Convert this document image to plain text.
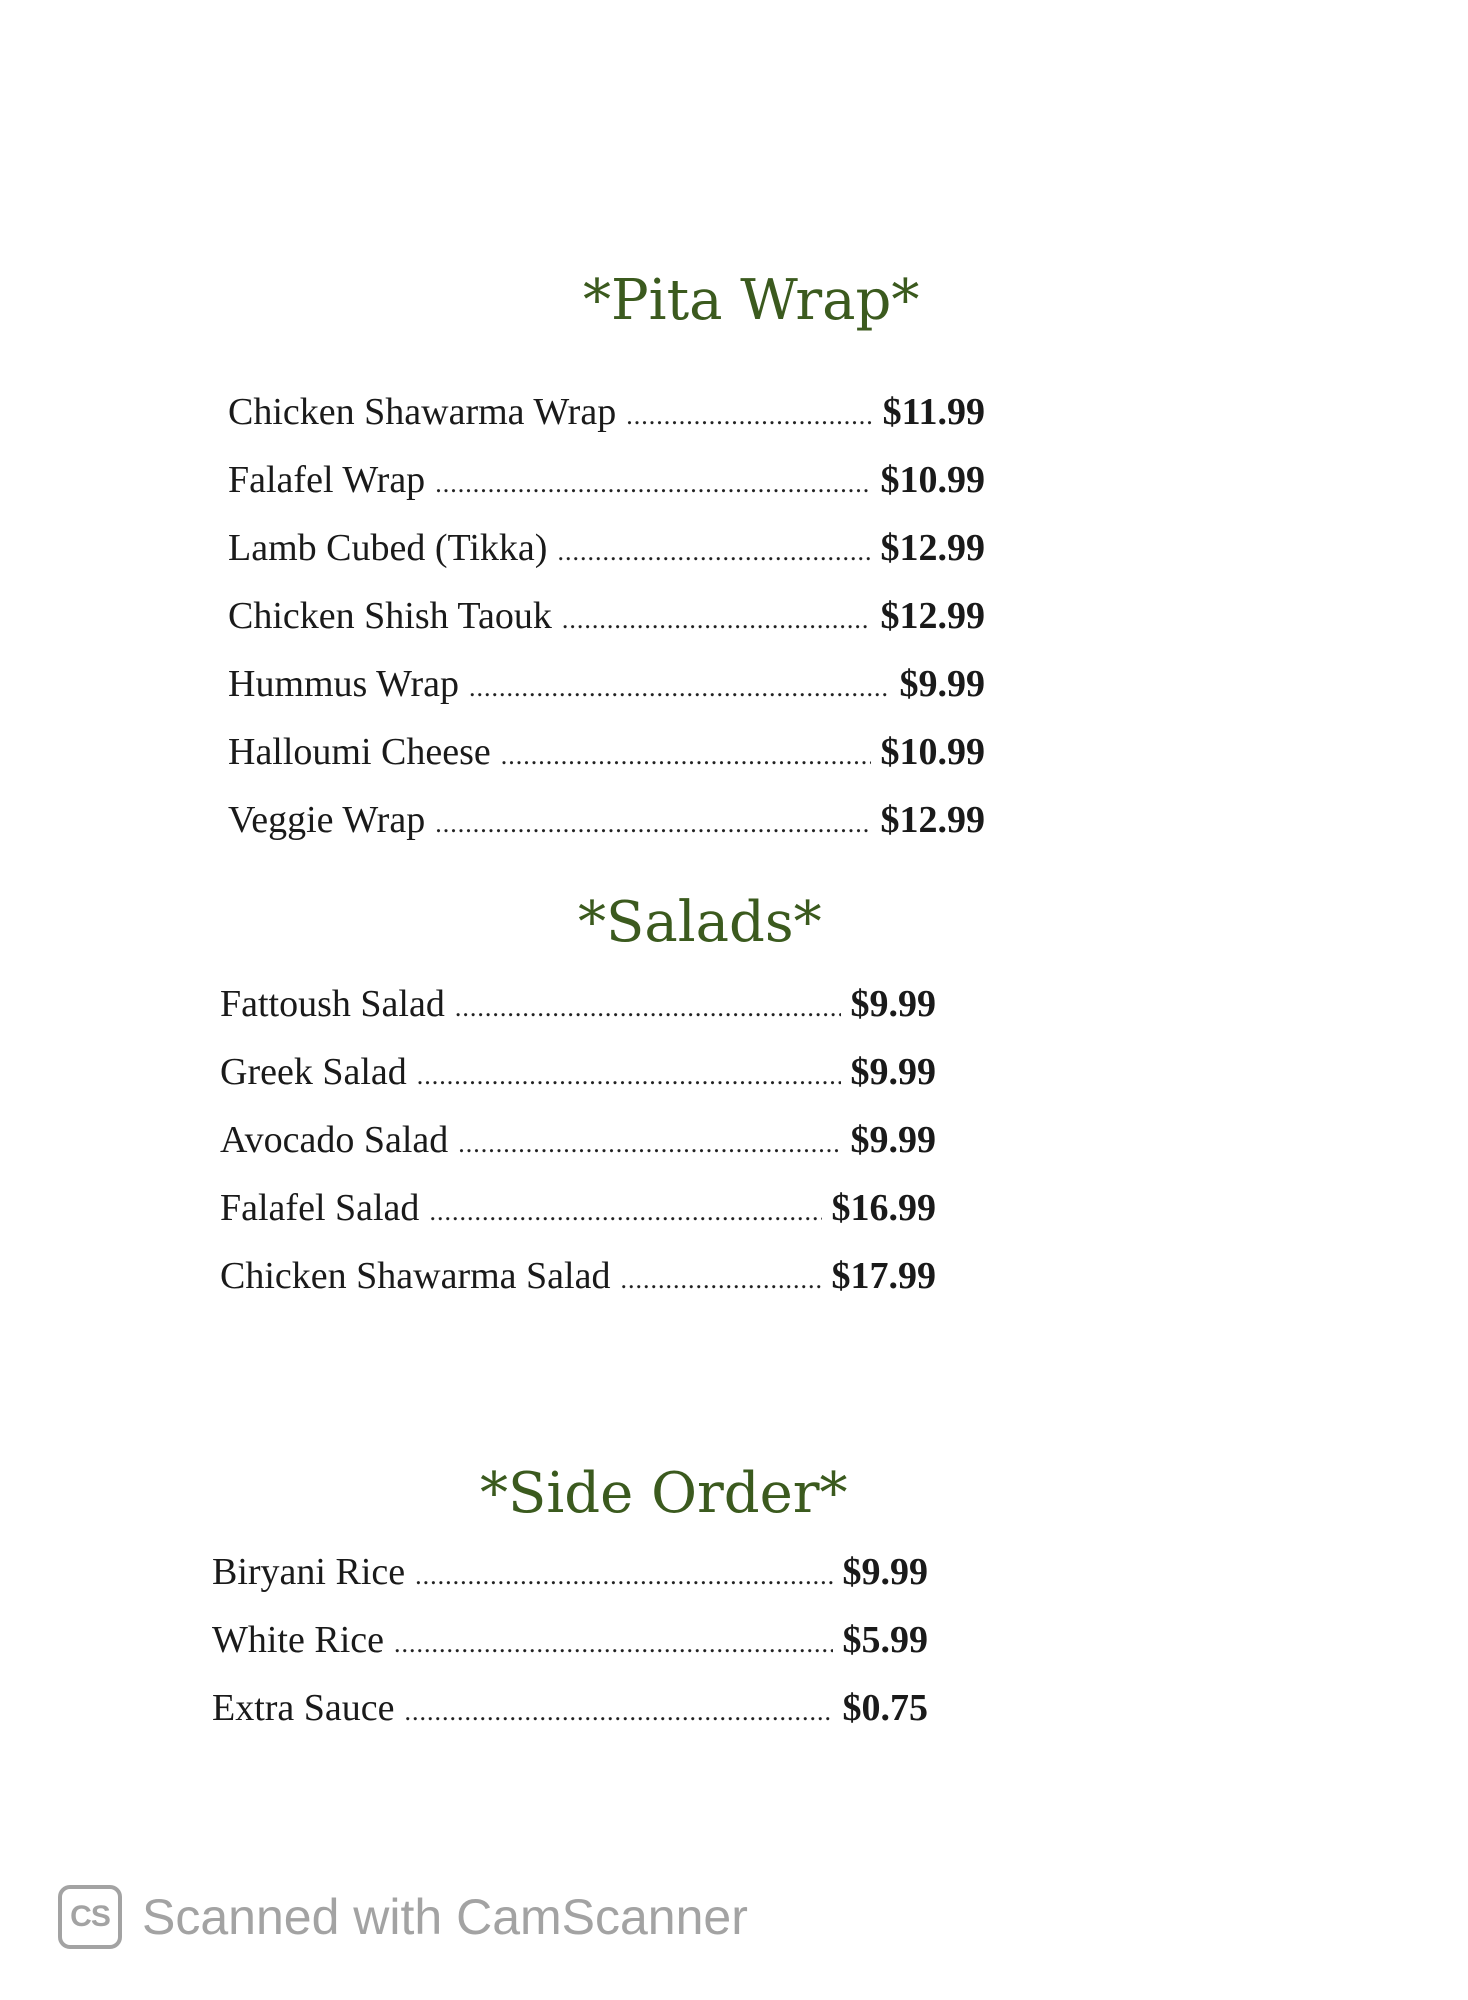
*Pita Wrap*
Chicken Shawarma Wrap .....	$11.99
Falafel Wrap .....	$10.99
Lamb Cubed (Tikka) .....	$12.99
Chicken Shish Taouk .....	$12.99
Hummus Wrap .....	$9.99
Halloumi Cheese .....	$10.99
Veggie Wrap .....	$12.99
*Salads*
Fattoush Salad .....	$9.99
Greek Salad .....	$9.99
Avocado Salad .....	$9.99
Falafel Salad .....	$16.99
Chicken Shawarma Salad .....	$17.99
*Side Order*
Biryani Rice .....	$9.99
White Rice .....	$5.99
Extra Sauce .....	$0.75
CS Scanned with CamScanner
